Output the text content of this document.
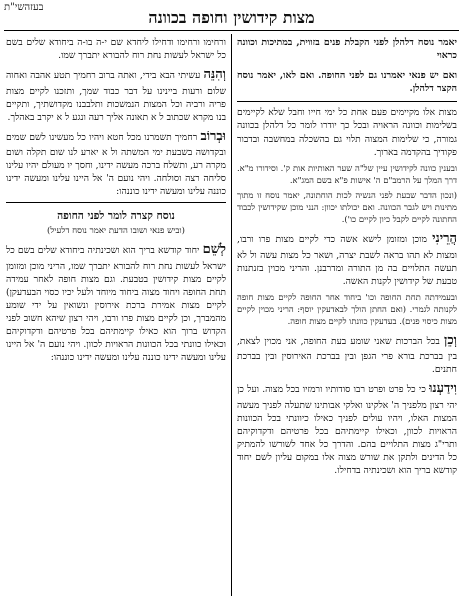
בעזהשי"ת
מצות קידושין וחופה בכוונה

יאמר נוסח דלהלן לפני הקבלת פנים בזווית, במתיכות וכוונה כראוי

ואם יש פנאי יאמרנו גם לפני החופה. ואם לאו, יאמר נוסח הקצר דלהלן.

מצות אלו מקיימים פעם אחת כל ימי חייו וחבל שלא לקיימים בשלימות וכוונה הראויה ובכל כך יודרו לומר כל דלהלן בכוונה גמורה, כי שלימות המצוה תלוי גם בהשכלה במחשבה ובדבור פקודיך בהקדמה בארוך.

ובענין כוונה לקידושין עיין של"ה שער האותיות אות ק'. וסידורו מ"א. דרך המלך על הרמב"ם ה' אישות פ"א בשם המג"א.

(ונכון הדבר שבעת לפני הנשיה לכות הוחתונה, יאמר נוסח זו מתוך מתינות ויש לגבר הכוונה. ואם יכולתו יכוון: הנני מוכן שקידושין לכבוד החתונה לקיים לקבל כיון לקיים כו').

הֲרֵינִי מוכן ומזומן לישא אשה כדי לקיים מצות פרו ורבו, ומצות לא תהו בראה לשבת יצרה, ושאר כל מצות עשה ול לא תעשה התלויים בה מן התורה ומדרבנן. והריני מכוין בזנתנות טבעת של קידושין לקנות האשה.

ובעמידתה תחת החופה וכו' ביחוד אחר החופה לקיים מצות חופה לקנותה לגמרי. (ואם החתן הולך לבאדעקין יוסף: הריני מכוין לקיים מצות כיסוי פנים). בעדעקין כוונתו לקיים מצות חופה.

וְכֵן בכל הברכות שאני שומע בעת החופה, אני מכוין לצאת, בין בברכת בורא פרי הגפן ובין בברכת האירוסין ובין בברכת חתנים.

וִידַעְנוּ כי כל פרט ופרט רבו סודותיו ורמזיו בכל מצוה. ועל כן יהי רצון מלפניך ה' אלקינו ואלקי אבותינו שתעלה לפניך מעשה המצות האלו, ויהיו עולים לפניך כאילו כיוונתי בכל הכוונות הראויות לכוון, וכאילו קיימתיהם בכל פרטיהם ודקדוקיהם ותרי"ג מצות התלויים בהם. והדרך כל אחד לשורשו להמתיק כל הדינים ולתקן את שורש מצוה אלו במקום עליון לשם יחוד קודשא בריך הוא ושכינתיה בדחילו.

ורחימו ורחימו ודחילו ליחדא שם י-ה בו-ה ביחודא שלים בשם כל ישראל לעשות נחת רוח להבורא יתברך שמו.

וְהִנֵּה עשיתי הבא בידי, ואתה ברוב רחמיך תטע אהבה ואחוה שלום ורעות ביינינו על דבר כבוד שמך, ותזכנו לקיים מצות פריה ורביה וכל המצות הנמשכות ותלבבנו מקדושתיך, ותקיים בנו מקרא שכתוב ל א תאונה אליך רעה ונגע ל א יקרב באהלך.

וּבְרוֹב רחמיך תשמרנו מכל חטא ויהיו כל מעשינו לשם שמים ובקדושה בשבעת ימי המשתה ול א יארע לנו שום תקלה ושום מקרה רע, ותשלח ברכה מעשה ידינו, וחסך יו מעולם יהיו עלינו סליחה רצה וסולחה. ויהי נועם ה' אל היינו עלינו ומעשה ידינו כוננה עלינו ומעשה ידינו כוננהו:

נוסח קצרה לומר לפני החופה
(וביש פנאי ושובו הדעת יאמר נוסח דלעיל)

לְשֵׁם יחוד קודשא בריך הוא ושכינתיה ביחודא שלים בשם כל ישראל לעשות נחת רוח להבורא יתברך שמו, הריני מוכן ומזומן לקיים מצות קידושין בטבעת. וגם מצות חופה לאחר עמידה תחת החופה ויחוד מצוה ביחוד מיוחד ולעל יכיו כסוי הבעדעקן) לקיים מצות אמירת ברכת אירוסין ונשואין על ידי שומע מהמברך, וכן לקיים מצות פרו ורבו, ויהי רצון שיהא חשוב לפני הקדוש ברוך הוא כאילו קיימתיהם בכל פרטיהם ודקדוקיהם וכאילו כוונתי בכל הכוונות הראויות לכוון. ויהי נועם ה' אל היינו עלינו ומעשה ידינו כוננה עלינו ומעשה ידינו כוננהו:
